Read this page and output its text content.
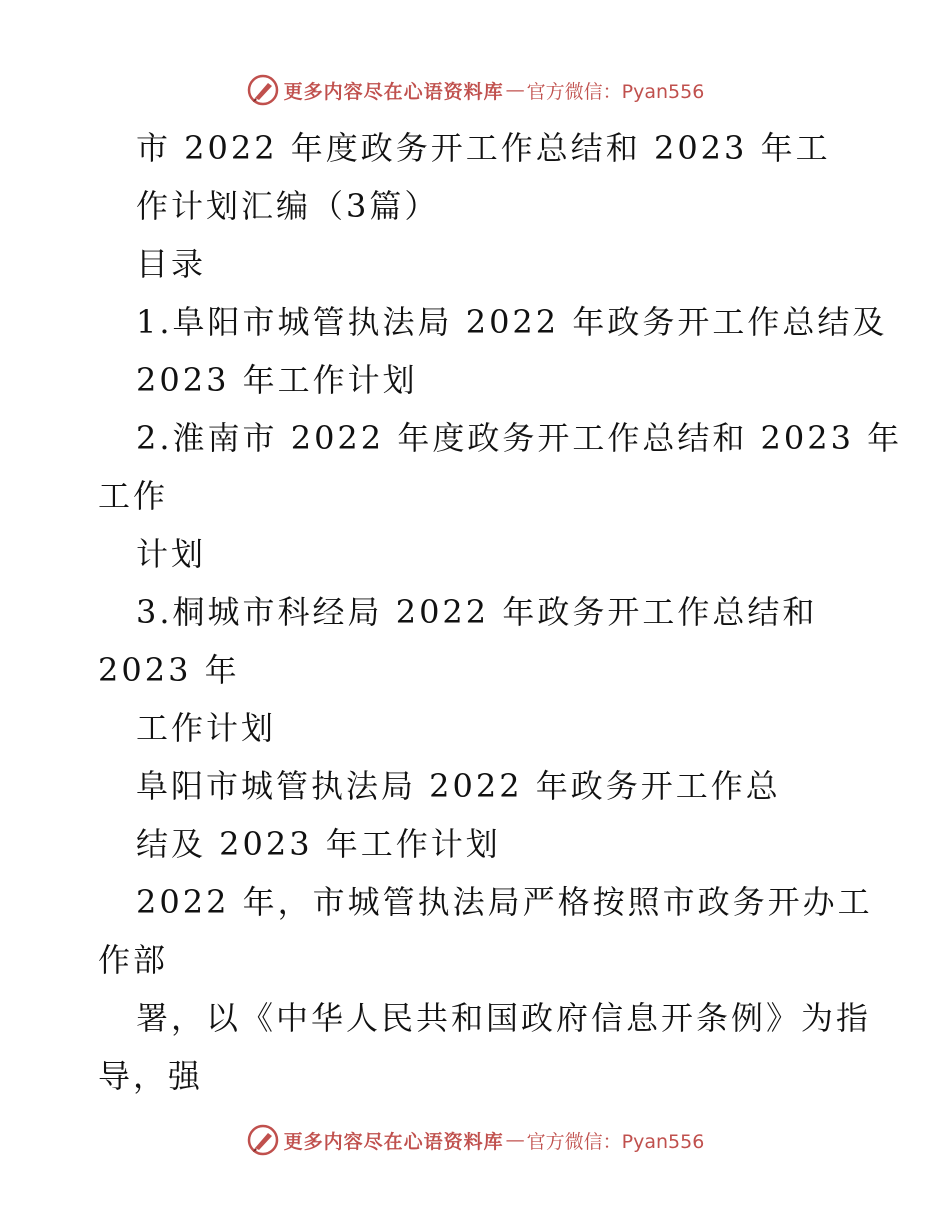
更多内容尽在心语资料库 — 官方微信：Pyan556
市 2022 年度政务开工作总结和 2023 年工
作计划汇编（3篇）
目录
1.阜阳市城管执法局 2022 年政务开工作总结及
2023 年工作计划
2.淮南市 2022 年度政务开工作总结和 2023 年
工作
计划
3.桐城市科经局 2022 年政务开工作总结和
2023 年
工作计划
阜阳市城管执法局 2022 年政务开工作总
结及 2023 年工作计划
2022 年，市城管执法局严格按照市政务开办工
作部
署，以《中华人民共和国政府信息开条例》为指
导，强
更多内容尽在心语资料库 — 官方微信：Pyan556
